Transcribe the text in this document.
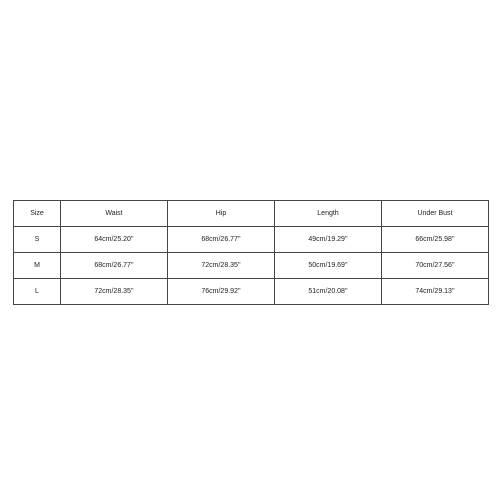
Size	Waist	Hip	Length	Under Bust
S	64cm/25.20''	68cm/26.77''	49cm/19.29''	66cm/25.98''
M	68cm/26.77''	72cm/28.35''	50cm/19.69''	70cm/27.56''
L	72cm/28.35''	76cm/29.92''	51cm/20.08''	74cm/29.13''
